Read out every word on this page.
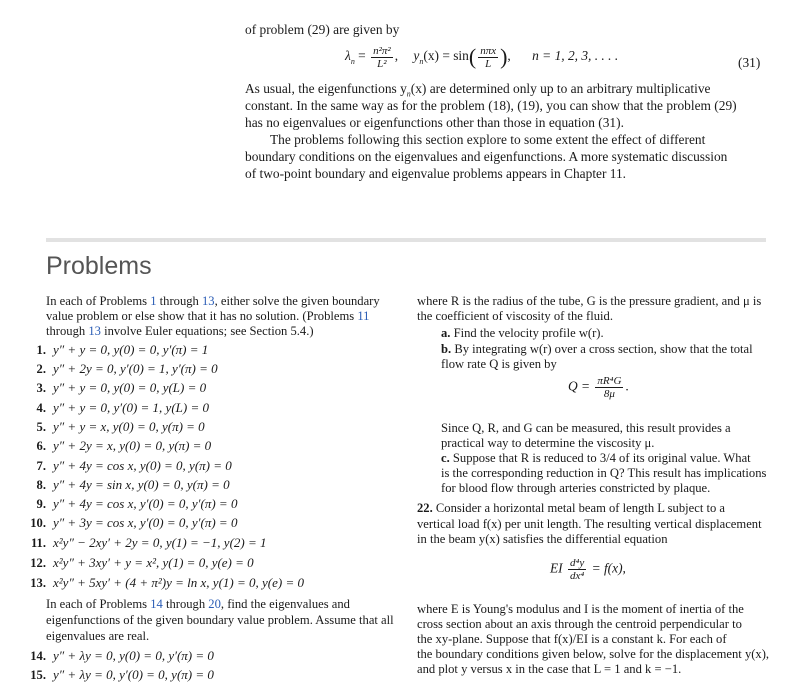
of problem (29) are given by
$\lambda_n = \frac{\text{n²π²}}{\text{L²}}$ , $y_n(x) = \sin( \frac{\text{nπx}}{L}$ ), n = 1, 2, 3, . . . .	(31)
As usual, the eigenfunctions $y_n(x)$ are determined only up to an arbitrary multiplicative
constant. In the same way as for the problem (18), (19), you can show that the problem (29)
has no eigenvalues or eigenfunctions other than those in equation (31).
The problems following this section explore to some extent the effect of different
boundary conditions on the eigenvalues and eigenfunctions. A more systematic discussion
of two-point boundary and eigenvalue problems appears in Chapter 11.
Problems
In each of Problems 1 through 13, either solve the given boundary
value problem or else show that it has no solution. (Problems 11
through 13 involve Euler equations; see Section 5.4.)
1. y″ + y = 0, y(0) = 0, y′(π) = 1
2. y″ + 2y = 0, y′(0) = 1, y′(π) = 0
3. y″ + y = 0, y(0) = 0, y(L) = 0
4. y″ + y = 0, y′(0) = 1, y(L) = 0
5. y″ + y = x, y(0) = 0, y(π) = 0
6. y″ + 2y = x, y(0) = 0, y(π) = 0
7. y″ + 4y = cos x, y(0) = 0, y(π) = 0
8. y″ + 4y = sin x, y(0) = 0, y(π) = 0
9. y″ + 4y = cos x, y′(0) = 0, y′(π) = 0
10. y″ + 3y = cos x, y′(0) = 0, y′(π) = 0
11. x²y″ − 2xy′ + 2y = 0, y(1) = −1, y(2) = 1
12. x²y″ + 3xy′ + y = x², y(1) = 0, y(e) = 0
13. x²y″ + 5xy′ + (4 + π²)y = ln x, y(1) = 0, y(e) = 0
In each of Problems 14 through 20, find the eigenvalues and
eigenfunctions of the given boundary value problem. Assume that all
eigenvalues are real.
14. y″ + λy = 0, y(0) = 0, y′(π) = 0
15. y″ + λy = 0, y′(0) = 0, y(π) = 0
where R is the radius of the tube, G is the pressure gradient, and μ is
the coefficient of viscosity of the fluid.
a. Find the velocity profile w(r).
b. By integrating w(r) over a cross section, show that the total
flow rate Q is given by
$Q = \frac{\text{πR⁴G}}{8\mu}$ .
Since Q, R, and G can be measured, this result provides a
practical way to determine the viscosity μ.
c. Suppose that R is reduced to 3/4 of its original value. What
is the corresponding reduction in Q? This result has implications
for blood flow through arteries constricted by plaque.
22. Consider a horizontal metal beam of length L subject to a
vertical load f(x) per unit length. The resulting vertical displacement
in the beam y(x) satisfies the differential equation
EI $\frac{\text{d⁴y}}{\text{dx⁴}} = f(x)$,
where E is Young's modulus and I is the moment of inertia of the
cross section about an axis through the centroid perpendicular to
the xy-plane. Suppose that f(x)/EI is a constant k. For each of
the boundary conditions given below, solve for the displacement y(x),
and plot y versus x in the case that L = 1 and k = −1.
